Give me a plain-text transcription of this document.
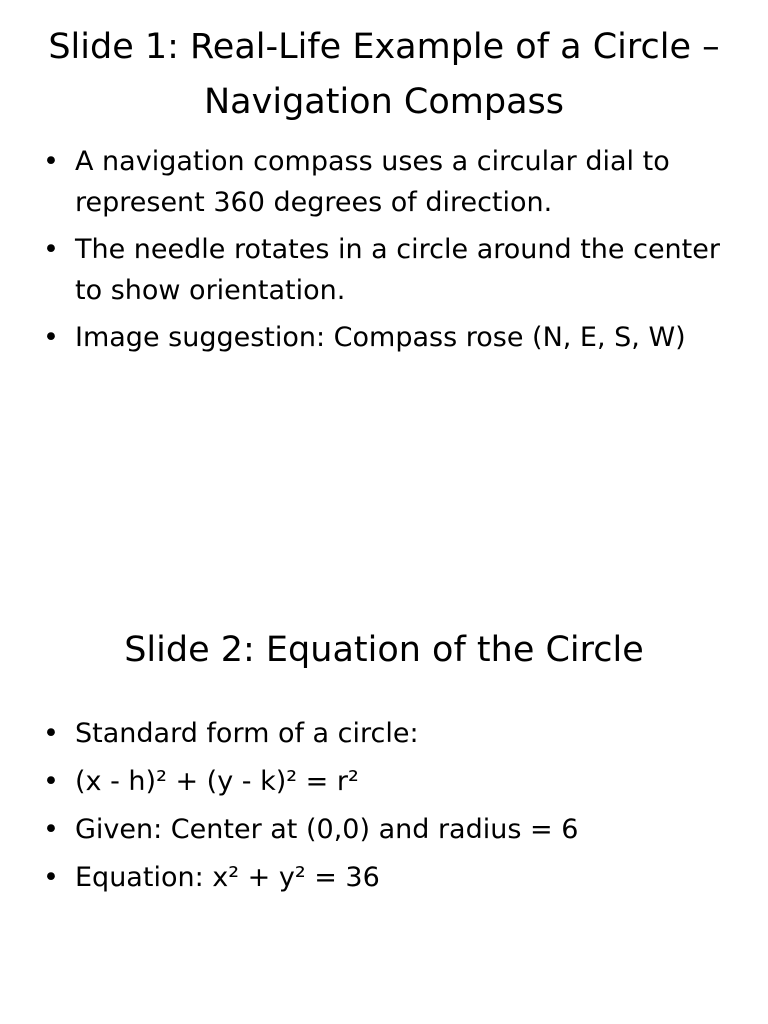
Slide 1: Real-Life Example of a Circle – Navigation Compass
• A navigation compass uses a circular dial to represent 360 degrees of direction.
• The needle rotates in a circle around the center to show orientation.
• Image suggestion: Compass rose (N, E, S, W)
Slide 2: Equation of the Circle
• Standard form of a circle:
• (x - h)² + (y - k)² = r²
• Given: Center at (0,0) and radius = 6
• Equation: x² + y² = 36
